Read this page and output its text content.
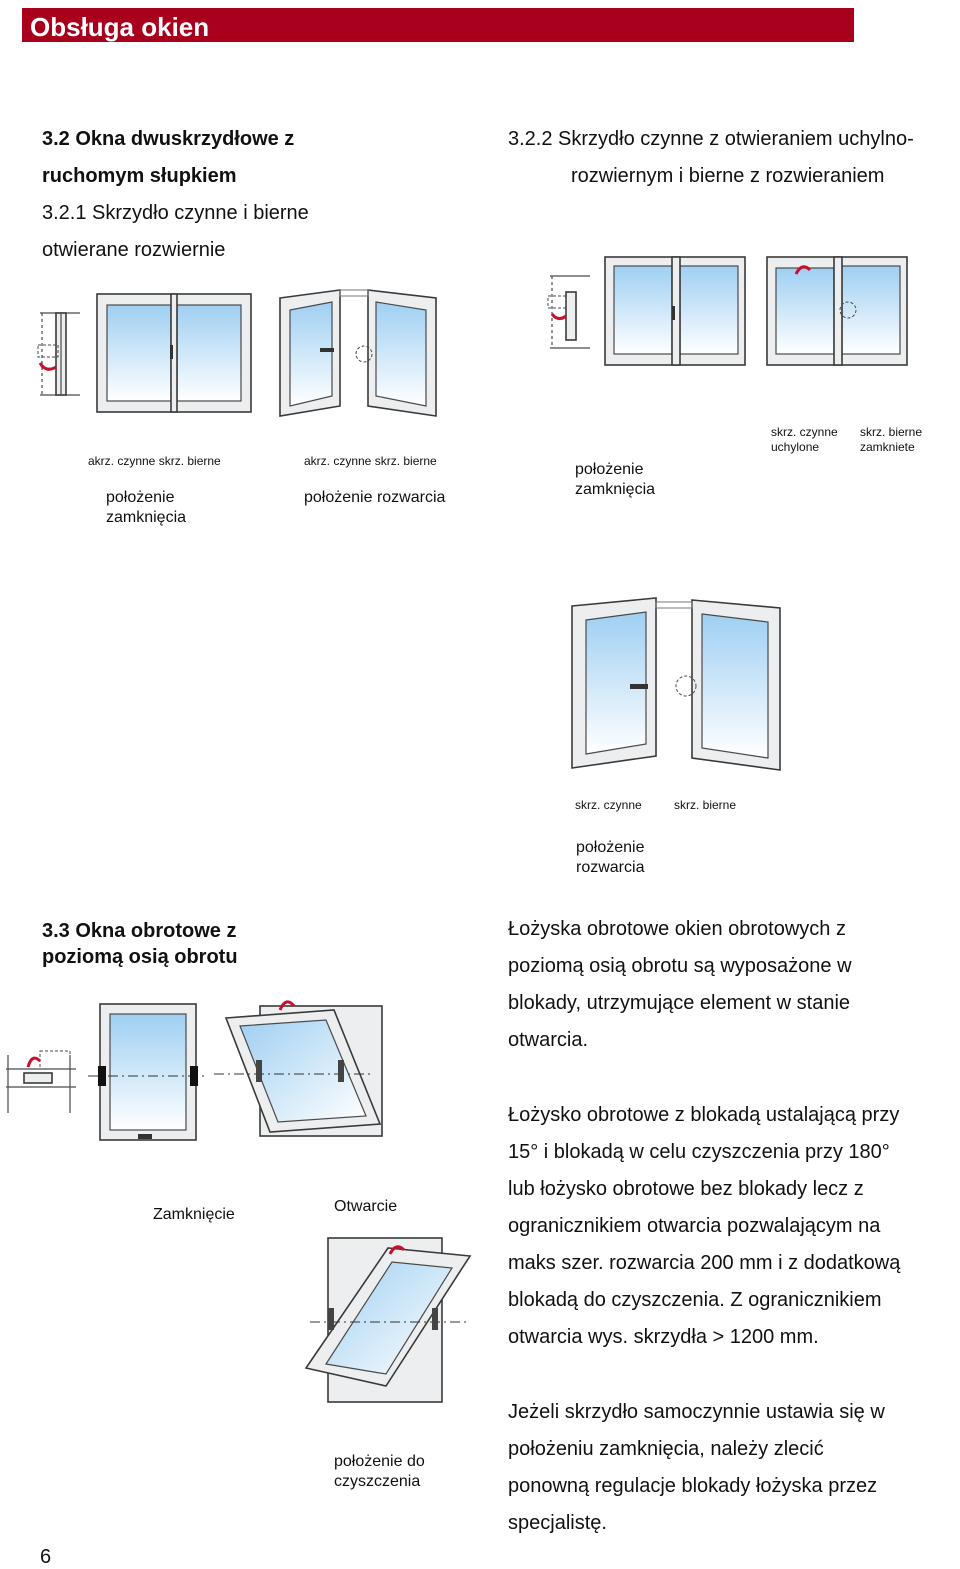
Obsługa okien
3.2 Okna dwuskrzydłowe z
ruchomym słupkiem
3.2.1 Skrzydło czynne i bierne
otwierane rozwiernie
3.2.2 Skrzydło czynne z otwieraniem uchylno-
rozwiernym i bierne z rozwieraniem
akrz. czynne skrz. bierne
położenie
zamknięcia
akrz. czynne skrz. bierne
położenie rozwarcia
położenie
zamknięcia
skrz. czynne
uchylone
skrz. bierne
zamkniete
skrz. czynne	skrz. bierne
położenie
rozwarcia
3.3 Okna obrotowe z
poziomą osią obrotu
Zamknięcie	Otwarcie
położenie do
czyszczenia
Łożyska obrotowe okien obrotowych z
poziomą osią obrotu są wyposażone w
blokady, utrzymujące element w stanie
otwarcia.
Łożysko obrotowe z blokadą ustalającą przy
15° i blokadą w celu czyszczenia przy 180°
lub łożysko obrotowe bez blokady lecz z
ogranicznikiem otwarcia pozwalającym na
maks szer. rozwarcia 200 mm i z dodatkową
blokadą do czyszczenia. Z ogranicznikiem
otwarcia wys. skrzydła > 1200 mm.
Jeżeli skrzydło samoczynnie ustawia się w
położeniu zamknięcia, należy zlecić
ponowną regulacje blokady łożyska przez
specjalistę.
6
